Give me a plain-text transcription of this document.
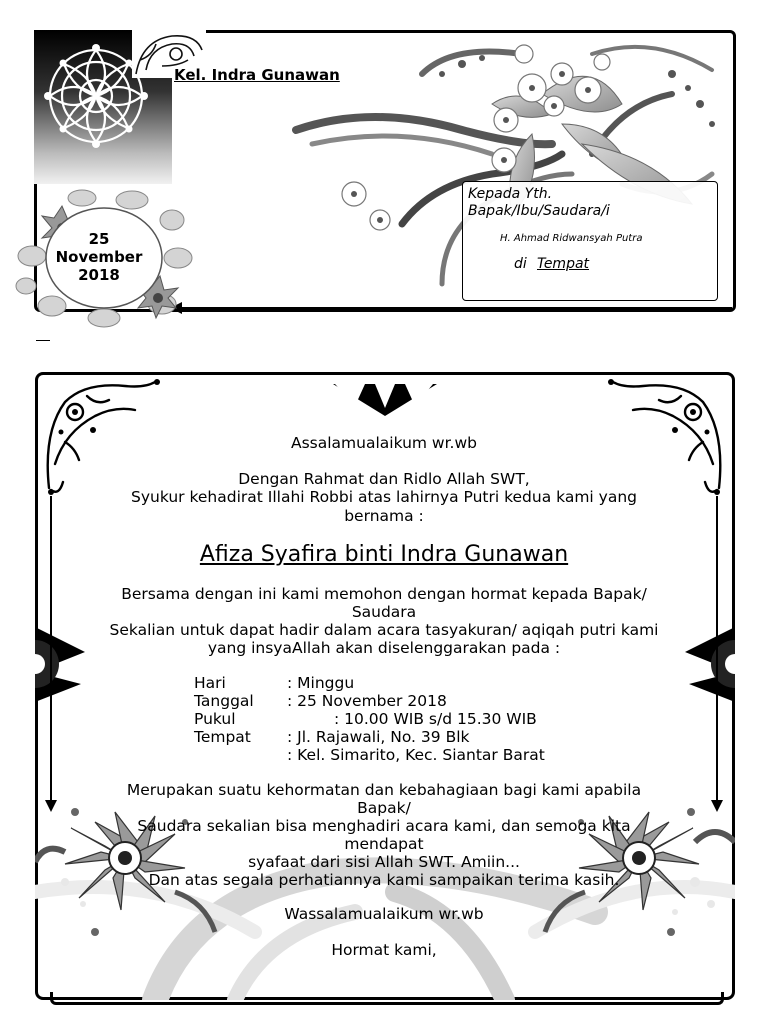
Kel. Indra Gunawan
Kepada Yth.
Bapak/Ibu/Saudara/i
H. Ahmad Ridwansyah Putra
di Tempat
25
November
2018
Assalamualaikum wr.wb
Dengan Rahmat dan Ridlo Allah SWT,
Syukur kehadirat Illahi Robbi atas lahirnya Putri kedua kami yang
bernama :
Afiza Syafira binti Indra Gunawan
Bersama dengan ini kami memohon dengan hormat kepada Bapak/
Saudara
Sekalian untuk dapat hadir dalam acara tasyakuran/ aqiqah putri kami
yang insyaAllah akan diselenggarakan pada :
Hari	: Minggu
Tanggal : 25 November 2018
Pukul	: 10.00 WIB s/d 15.30 WIB
Tempat : Jl. Rajawali, No. 39 Blk
: Kel. Simarito, Kec. Siantar Barat
Merupakan suatu kehormatan dan kebahagiaan bagi kami apabila
Bapak/
Saudara sekalian bisa menghadiri acara kami, dan semoga kita
mendapat
syafaat dari sisi Allah SWT. Amiin...
Dan atas segala perhatiannya kami sampaikan terima kasih.
Wassalamualaikum wr.wb
Hormat kami,
